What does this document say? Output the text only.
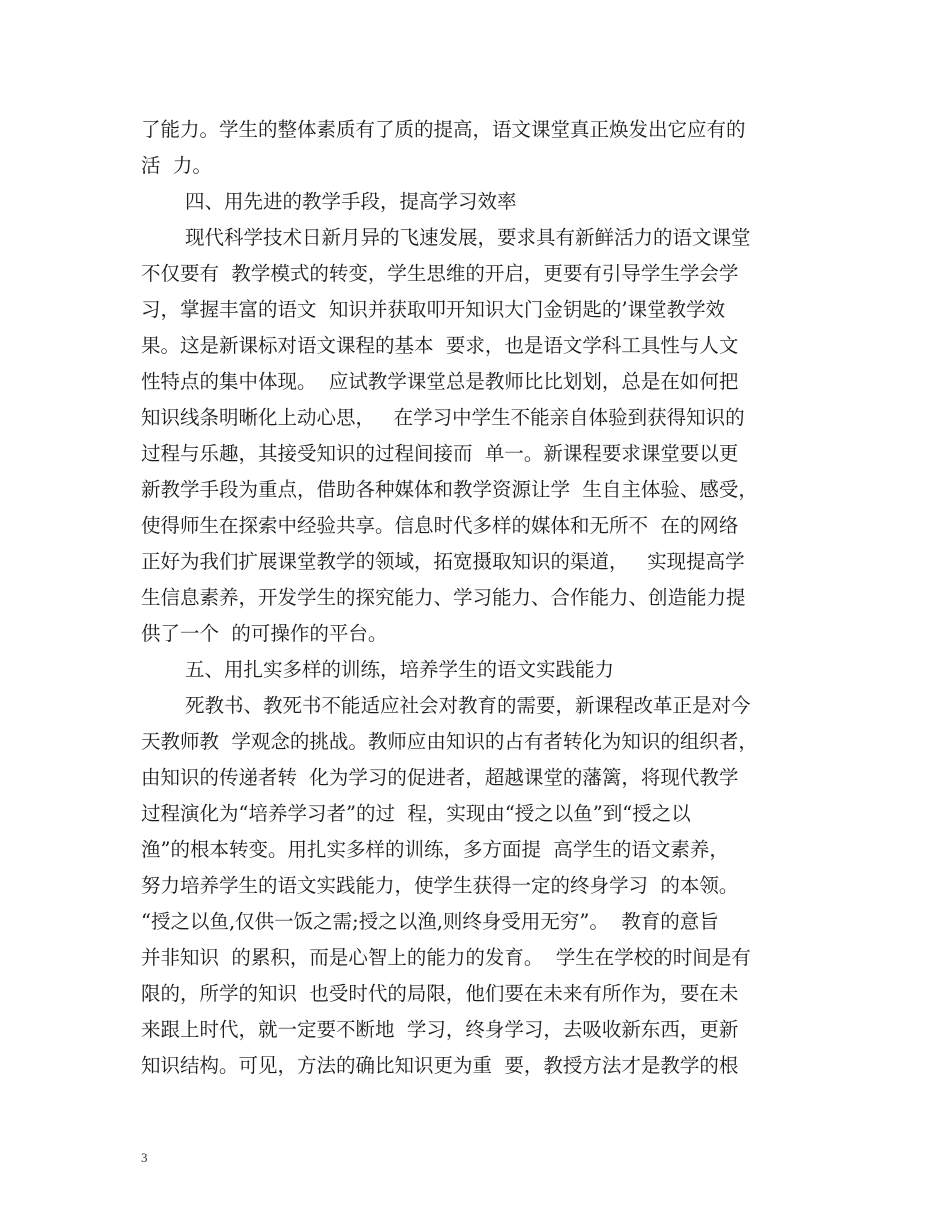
了能力。学生的整体素质有了质的提高，语文课堂真正焕发出它应有的
活  力。
四、用先进的教学手段，提高学习效率
现代科学技术日新月异的飞速发展，要求具有新鲜活力的语文课堂
不仅要有  教学模式的转变，学生思维的开启，更要有引导学生学会学
习，掌握丰富的语文  知识并获取叩开知识大门金钥匙的’课堂教学效
果。这是新课标对语文课程的基本  要求，也是语文学科工具性与人文
性特点的集中体现。  应试教学课堂总是教师比比划划，总是在如何把
知识线条明晰化上动心思，   在学习中学生不能亲自体验到获得知识的
过程与乐趣，其接受知识的过程间接而  单一。新课程要求课堂要以更
新教学手段为重点，借助各种媒体和教学资源让学  生自主体验、感受，
使得师生在探索中经验共享。信息时代多样的媒体和无所不  在的网络
正好为我们扩展课堂教学的领域，拓宽摄取知识的渠道，   实现提高学
生信息素养，开发学生的探究能力、学习能力、合作能力、创造能力提
供了一个  的可操作的平台。
五、用扎实多样的训练，培养学生的语文实践能力
死教书、教死书不能适应社会对教育的需要，新课程改革正是对今
天教师教  学观念的挑战。教师应由知识的占有者转化为知识的组织者，
由知识的传递者转  化为学习的促进者，超越课堂的藩篱，将现代教学
过程演化为“培养学习者”的过  程，实现由“授之以鱼”到“授之以
渔”的根本转变。用扎实多样的训练，多方面提  高学生的语文素养，
努力培养学生的语文实践能力，使学生获得一定的终身学习  的本领。
“授之以鱼,仅供一饭之需;授之以渔,则终身受用无穷”。  教育的意旨
并非知识  的累积，而是心智上的能力的发育。  学生在学校的时间是有
限的，所学的知识  也受时代的局限，他们要在未来有所作为，要在未
来跟上时代，就一定要不断地  学习，终身学习，去吸收新东西，更新
知识结构。可见，方法的确比知识更为重  要，教授方法才是教学的根
3
